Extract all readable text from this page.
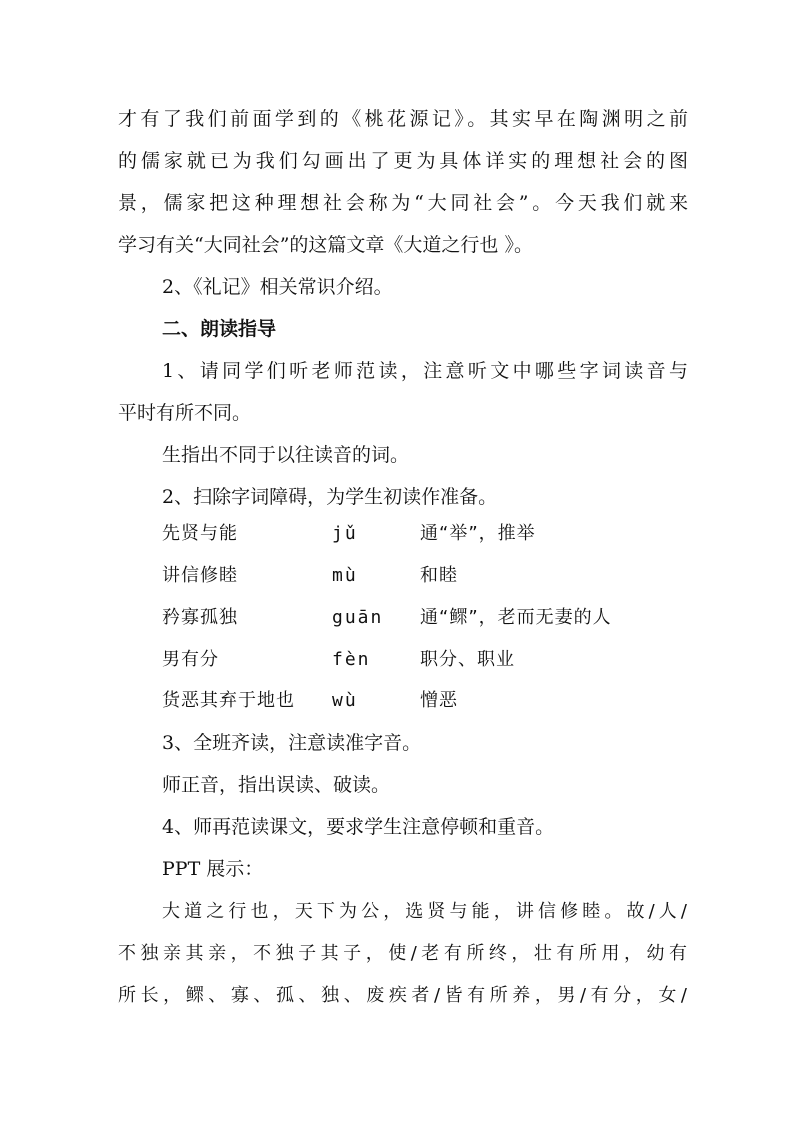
才有了我们前面学到的《桃花源记》。其实早在陶渊明之前
的儒家就已为我们勾画出了更为具体详实的理想社会的图
景，儒家把这种理想社会称为“大同社会”。今天我们就来
学习有关“大同社会”的这篇文章《大道之行也 》。
2、《礼记》相关常识介绍。
二、朗读指导
1、请同学们听老师范读，注意听文中哪些字词读音与
平时有所不同。
生指出不同于以往读音的词。
2、扫除字词障碍，为学生初读作准备。
先贤与能	jǔ	通“举”，推举
讲信修睦	mù	和睦
矜寡孤独	guān 通“鳏”，老而无妻的人
男有分	fèn	职分、职业
货恶其弃于地也 wù	憎恶
3、全班齐读，注意读准字音。
师正音，指出误读、破读。
4、师再范读课文，要求学生注意停顿和重音。
PPT 展示：
大道之行也，天下为公，选贤与能，讲信修睦。故/人/
不独亲其亲，不独子其子，使/老有所终，壮有所用，幼有
所长，鳏、寡、孤、独、废疾者/皆有所养，男/有分，女/
